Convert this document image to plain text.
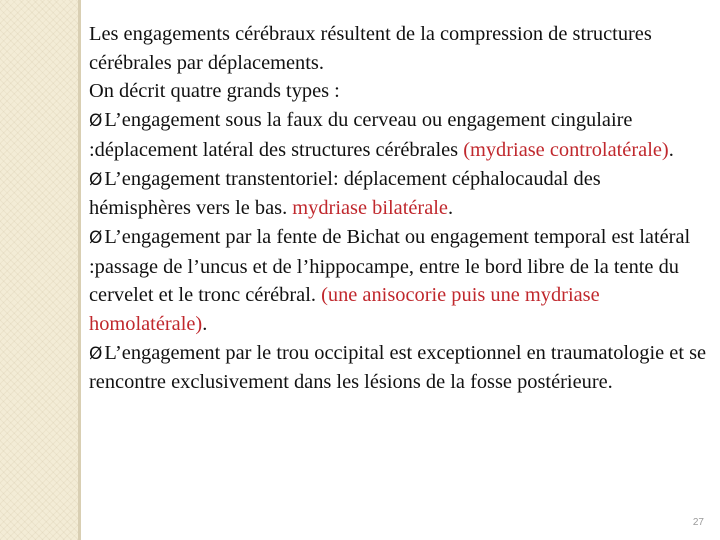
Les engagements cérébraux résultent de la compression de structures cérébrales par déplacements.

On décrit quatre grands types :

ØL’engagement sous la faux du cerveau ou engagement cingulaire :déplacement latéral des structures cérébrales (mydriase controlatérale).

ØL’engagement transtentoriel: déplacement céphalocaudal des hémisphères vers le bas. mydriase bilatérale.

ØL’engagement par la fente de Bichat ou engagement temporal est latéral :passage de l’uncus et de l’hippocampe, entre le bord libre de la tente du cervelet et le tronc cérébral. (une anisocorie puis une mydriase homolatérale).

ØL’engagement par le trou occipital est exceptionnel en traumatologie et se rencontre exclusivement dans les lésions de la fosse postérieure.

27
